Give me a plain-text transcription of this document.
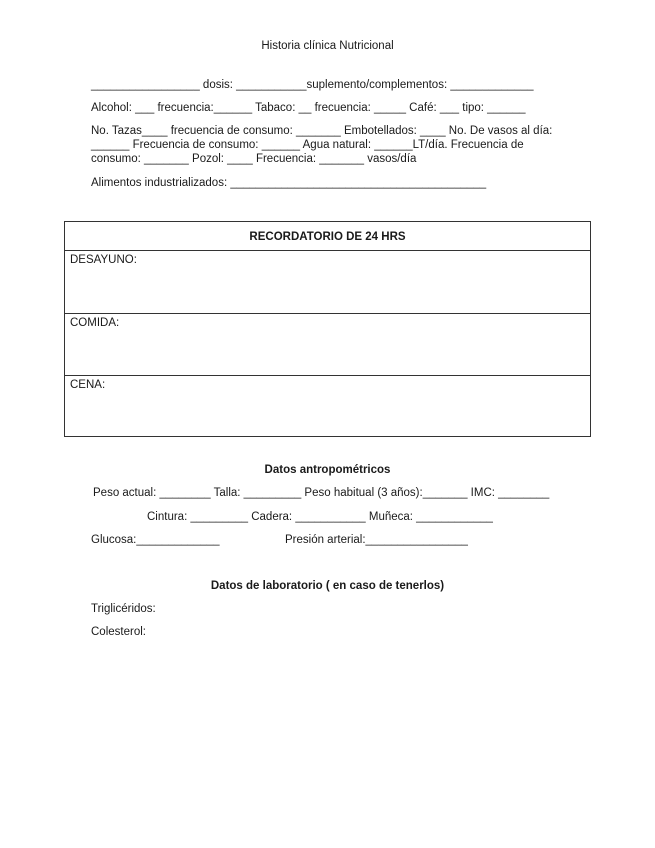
Historia clínica Nutricional
_________________ dosis: ___________suplemento/complementos: _____________
Alcohol: ___ frecuencia:______ Tabaco: __ frecuencia: _____ Café: ___ tipo: ______
No. Tazas____ frecuencia de consumo: _______ Embotellados: ____ No. De vasos al día: ______ Frecuencia de consumo: ______ Agua natural: ______LT/día. Frecuencia de consumo: _______ Pozol: ____ Frecuencia: _______ vasos/día
Alimentos industrializados: ________________________________________
RECORDATORIO DE 24 HRS
DESAYUNO:
COMIDA:
CENA:
Datos antropométricos
Peso actual: ________ Talla: _________ Peso habitual (3 años):_______ IMC: ________
Cintura: _________ Cadera: ___________ Muñeca: ____________
Glucosa:_____________	Presión arterial:________________
Datos de laboratorio ( en caso de tenerlos)
Triglicéridos:
Colesterol:
